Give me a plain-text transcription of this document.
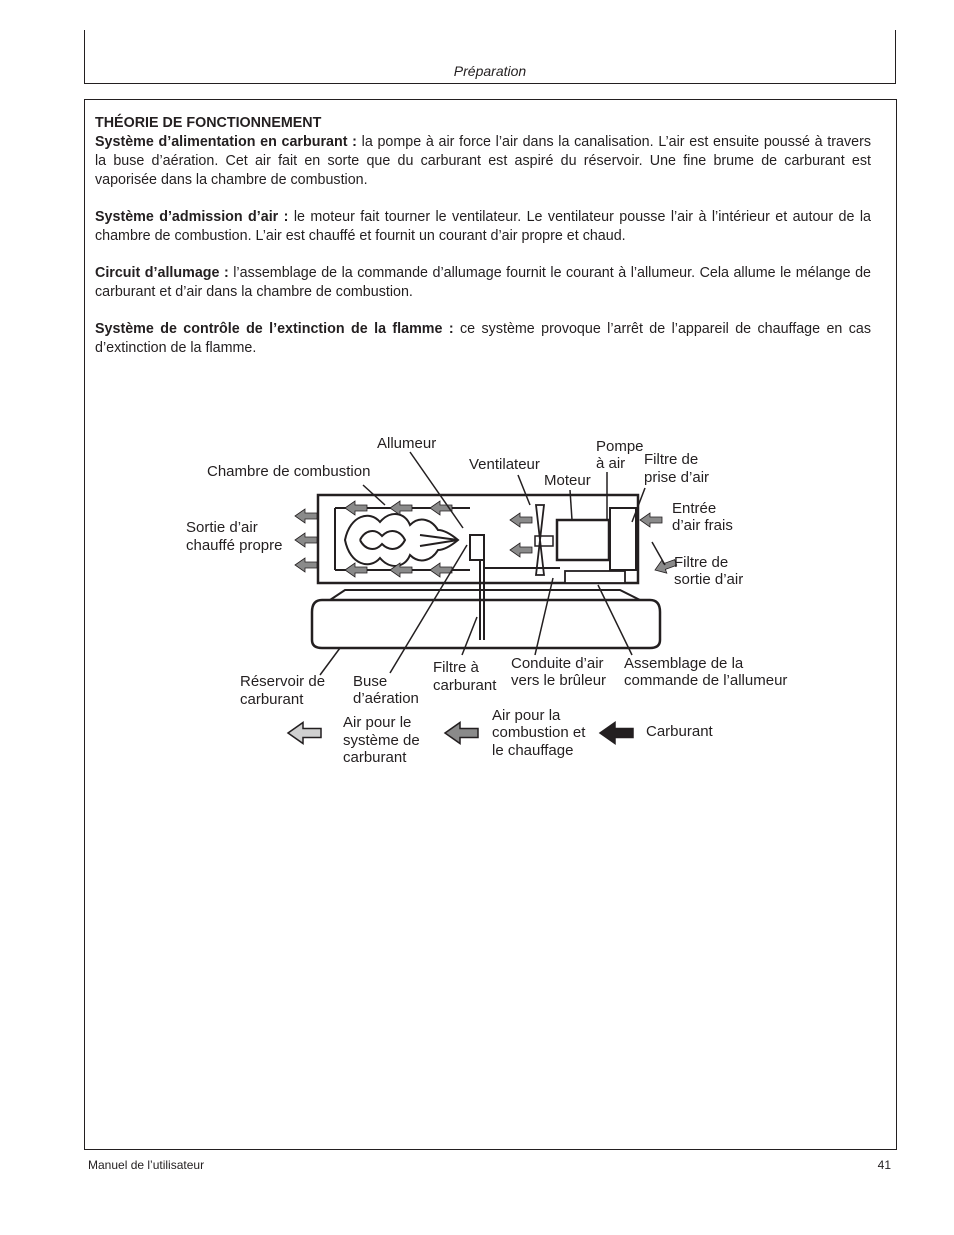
Préparation
THÉORIE DE FONCTIONNEMENT

Système d’alimentation en carburant : la pompe à air force l’air dans la canalisation. L’air est ensuite poussé à travers la buse d’aération. Cet air fait en sorte que du carburant est aspiré du réservoir. Une fine brume de carburant est vaporisée dans la chambre de combustion.

Système d’admission d’air : le moteur fait tourner le ventilateur. Le ventilateur pousse l’air à l’intérieur et autour de la chambre de combustion. L’air est chauffé et fournit un courant d’air propre et chaud.

Circuit d’allumage : l’assemblage de la commande d’allumage fournit le courant à l’allumeur. Cela allume le mélange de carburant et d’air dans la chambre de combustion.

Système de contrôle de l’extinction de la flamme : ce système provoque l’arrêt de l’appareil de chauffage en cas d’extinction de la flamme.

Allumeur	Pompe
à air Filtre de
prise d’air
Chambre de combustion	Ventilateur
Moteur
Entrée
d’air frais
Sortie d’air
chauffé propre
Filtre de
sortie d’air
Réservoir de
carburant
Buse
d’aération
Filtre à
carburant
Conduite d’air
vers le brûleur
Assemblage de la
commande de l’allumeur
Air pour le
système de
carburant
Air pour la
combustion et
le chauffage
Carburant
Manuel de l’utilisateur	41
